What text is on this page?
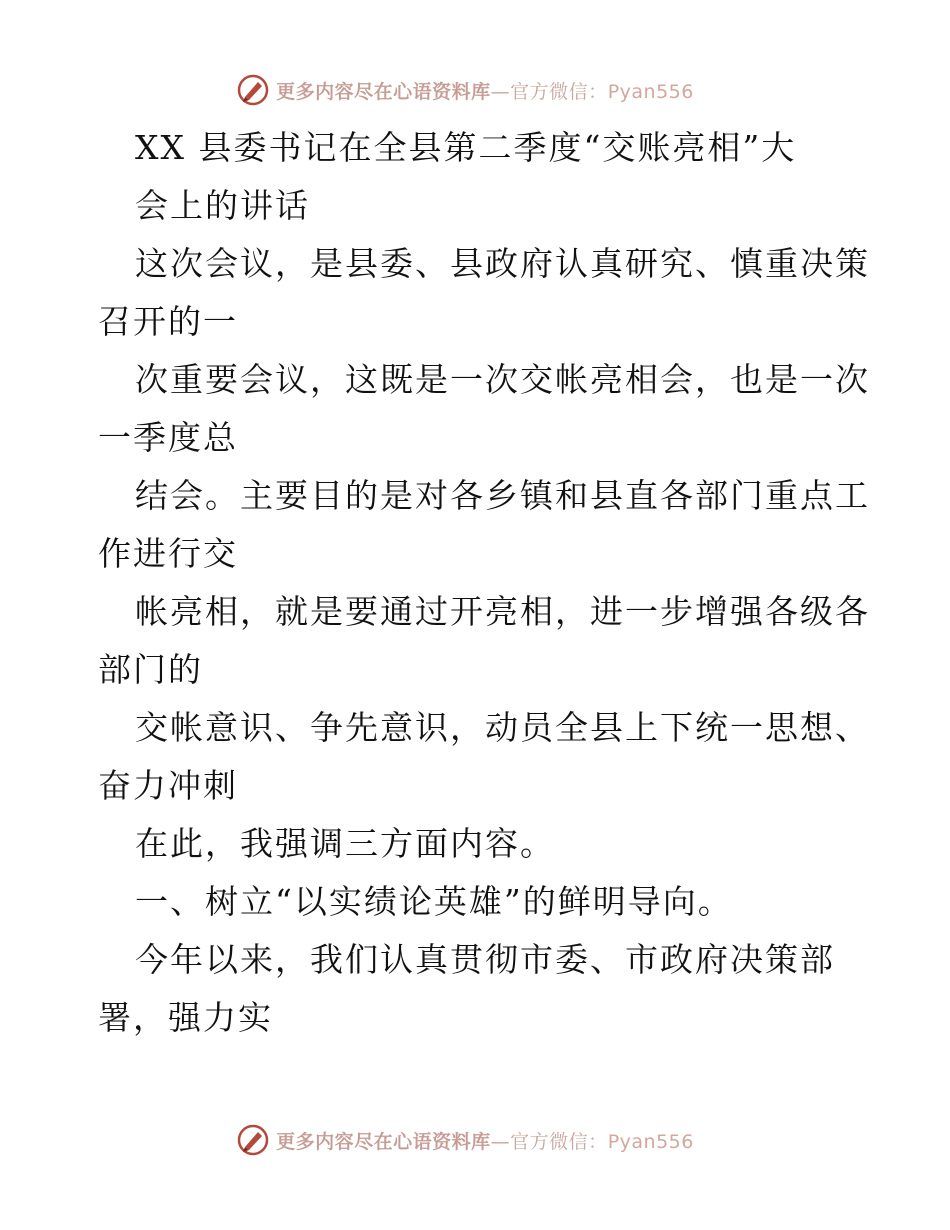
更多内容尽在心语资料库—官方微信：Pyan556
XX 县委书记在全县第二季度“交账亮相”大
会上的讲话
这次会议，是县委、县政府认真研究、慎重决策
召开的一
次重要会议，这既是一次交帐亮相会，也是一次
一季度总
结会。主要目的是对各乡镇和县直各部门重点工
作进行交
帐亮相，就是要通过开亮相，进一步增强各级各
部门的
交帐意识、争先意识，动员全县上下统一思想、
奋力冲刺
在此，我强调三方面内容。
一、树立“以实绩论英雄”的鲜明导向。
今年以来，我们认真贯彻市委、市政府决策部
署，强力实
更多内容尽在心语资料库—官方微信：Pyan556
